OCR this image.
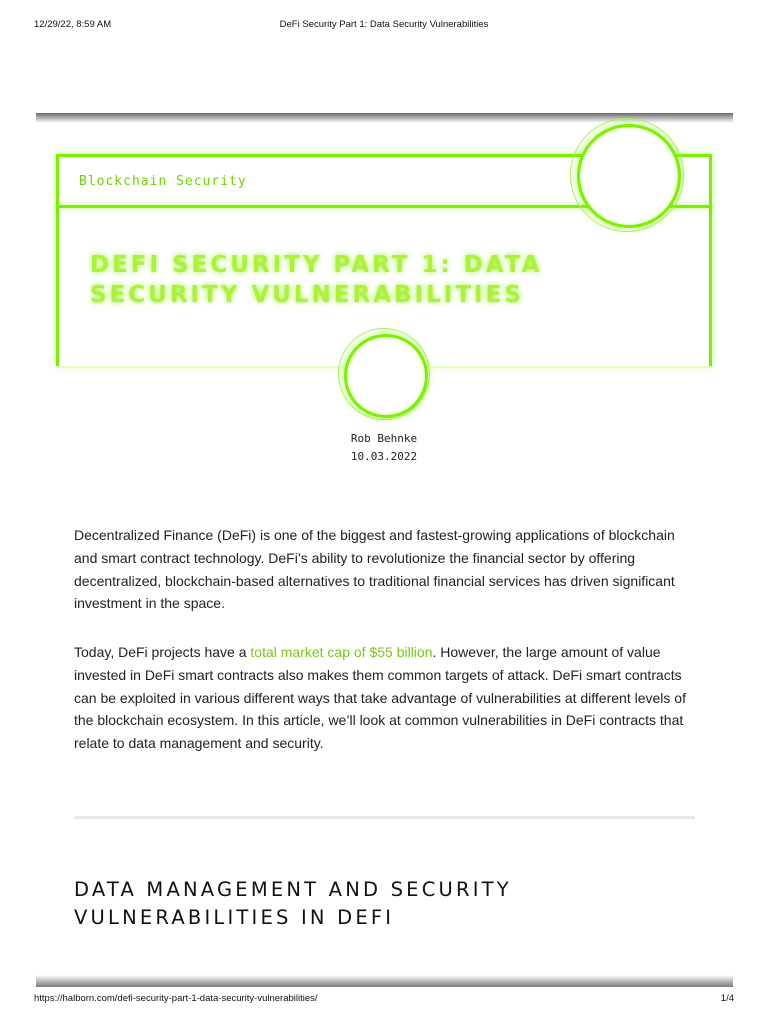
12/29/22, 8:59 AM	DeFi Security Part 1: Data Security Vulnerabilities
Blockchain Security
DEFI SECURITY PART 1: DATA SECURITY VULNERABILITIES
Rob Behnke
10.03.2022

Decentralized Finance (DeFi) is one of the biggest and fastest-growing applications of blockchain and smart contract technology. DeFi’s ability to revolutionize the financial sector by offering decentralized, blockchain-based alternatives to traditional financial services has driven significant investment in the space.

Today, DeFi projects have a total market cap of $55 billion. However, the large amount of value invested in DeFi smart contracts also makes them common targets of attack. DeFi smart contracts can be exploited in various different ways that take advantage of vulnerabilities at different levels of the blockchain ecosystem. In this article, we’ll look at common vulnerabilities in DeFi contracts that relate to data management and security.

DATA MANAGEMENT AND SECURITY VULNERABILITIES IN DEFI
https://halborn.com/defi-security-part-1-data-security-vulnerabilities/	1/4
